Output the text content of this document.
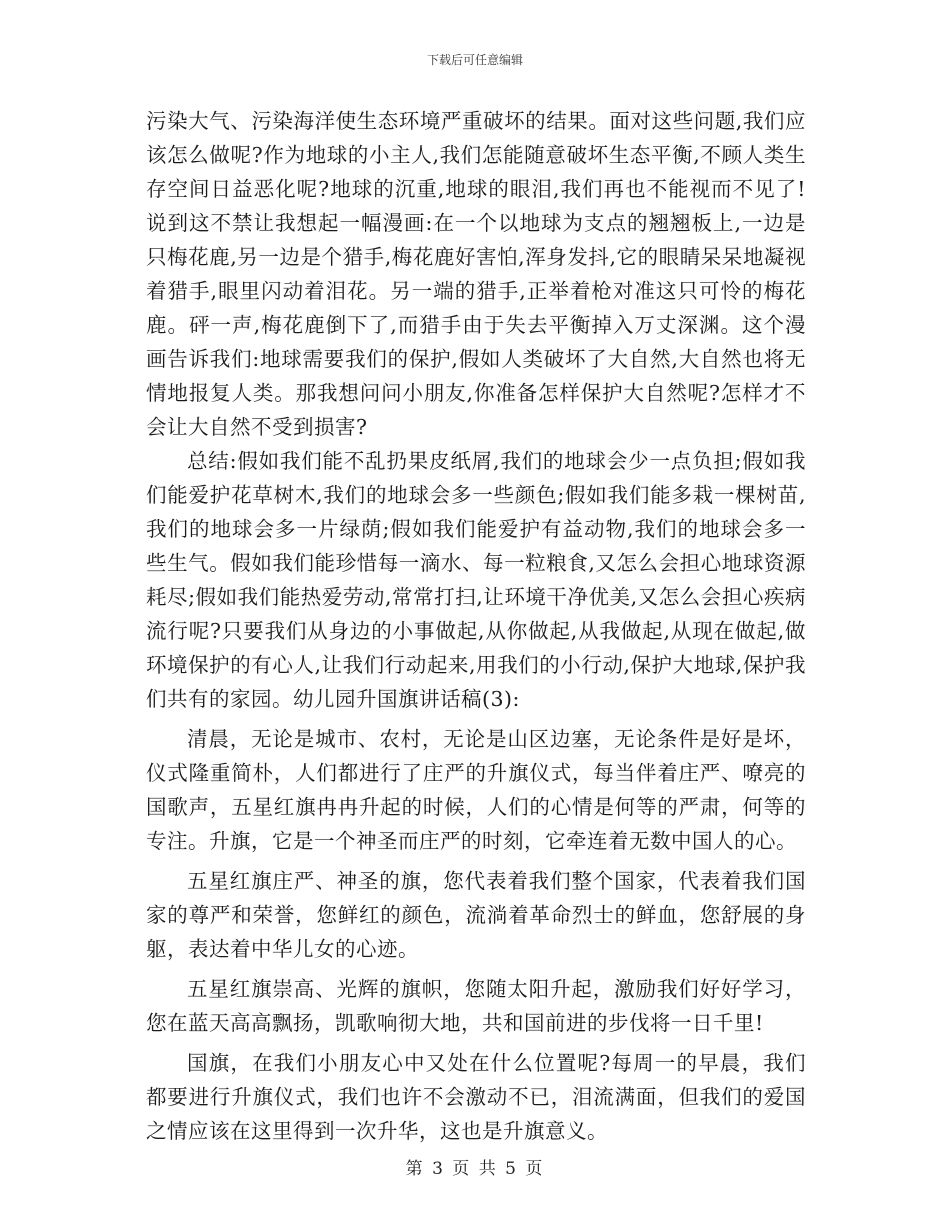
下载后可任意编辑

污染大气、污染海洋使生态环境严重破坏的结果。面对这些问题,我们应该怎么做呢?作为地球的小主人,我们怎能随意破坏生态平衡,不顾人类生存空间日益恶化呢?地球的沉重,地球的眼泪,我们再也不能视而不见了!说到这不禁让我想起一幅漫画:在一个以地球为支点的翘翘板上,一边是只梅花鹿,另一边是个猎手,梅花鹿好害怕,浑身发抖,它的眼睛呆呆地凝视着猎手,眼里闪动着泪花。另一端的猎手,正举着枪对准这只可怜的梅花鹿。砰一声,梅花鹿倒下了,而猎手由于失去平衡掉入万丈深渊。这个漫画告诉我们:地球需要我们的保护,假如人类破坏了大自然,大自然也将无情地报复人类。那我想问问小朋友,你准备怎样保护大自然呢?怎样才不会让大自然不受到损害?

总结:假如我们能不乱扔果皮纸屑,我们的地球会少一点负担;假如我们能爱护花草树木,我们的地球会多一些颜色;假如我们能多栽一棵树苗,我们的地球会多一片绿荫;假如我们能爱护有益动物,我们的地球会多一些生气。假如我们能珍惜每一滴水、每一粒粮食,又怎么会担心地球资源耗尽;假如我们能热爱劳动,常常打扫,让环境干净优美,又怎么会担心疾病流行呢?只要我们从身边的小事做起,从你做起,从我做起,从现在做起,做环境保护的有心人,让我们行动起来,用我们的小行动,保护大地球,保护我们共有的家园。幼儿园升国旗讲话稿(3):

清晨，无论是城市、农村，无论是山区边塞，无论条件是好是坏，仪式隆重简朴，人们都进行了庄严的升旗仪式，每当伴着庄严、嘹亮的国歌声，五星红旗冉冉升起的时候，人们的心情是何等的严肃，何等的专注。升旗，它是一个神圣而庄严的时刻，它牵连着无数中国人的心。

五星红旗庄严、神圣的旗，您代表着我们整个国家，代表着我们国家的尊严和荣誉，您鲜红的颜色，流淌着革命烈士的鲜血，您舒展的身躯，表达着中华儿女的心迹。

五星红旗崇高、光辉的旗帜，您随太阳升起，激励我们好好学习，您在蓝天高高飘扬，凯歌响彻大地，共和国前进的步伐将一日千里!

国旗，在我们小朋友心中又处在什么位置呢?每周一的早晨，我们都要进行升旗仪式，我们也许不会激动不已，泪流满面，但我们的爱国之情应该在这里得到一次升华，这也是升旗意义。

第 3 页 共 5 页
